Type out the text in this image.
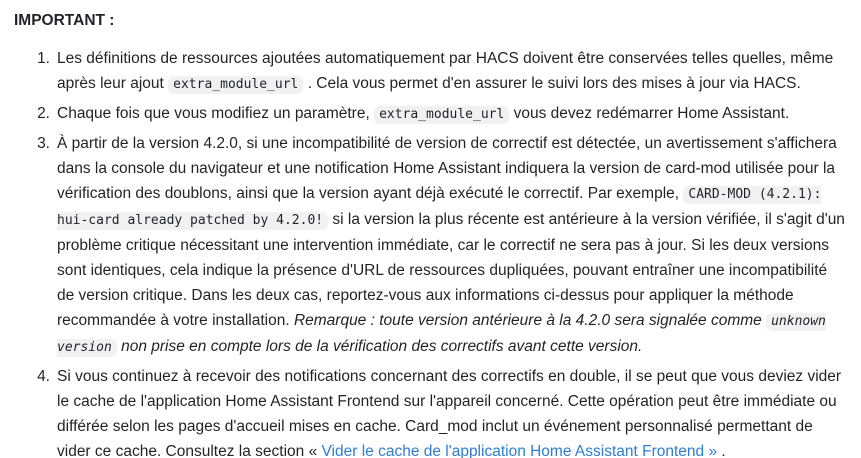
IMPORTANT :

1. Les définitions de ressources ajoutées automatiquement par HACS doivent être conservées telles quelles, même après leur ajout extra_module_url . Cela vous permet d'en assurer le suivi lors des mises à jour via HACS.
2. Chaque fois que vous modifiez un paramètre, extra_module_url vous devez redémarrer Home Assistant.
3. À partir de la version 4.2.0, si une incompatibilité de version de correctif est détectée, un avertissement s'affichera dans la console du navigateur et une notification Home Assistant indiquera la version de card-mod utilisée pour la vérification des doublons, ainsi que la version ayant déjà exécuté le correctif. Par exemple, CARD-MOD (4.2.1): hui-card already patched by 4.2.0! si la version la plus récente est antérieure à la version vérifiée, il s'agit d'un problème critique nécessitant une intervention immédiate, car le correctif ne sera pas à jour. Si les deux versions sont identiques, cela indique la présence d'URL de ressources dupliquées, pouvant entraîner une incompatibilité de version critique. Dans les deux cas, reportez-vous aux informations ci-dessus pour appliquer la méthode recommandée à votre installation. Remarque : toute version antérieure à la 4.2.0 sera signalée comme unknown version non prise en compte lors de la vérification des correctifs avant cette version.
4. Si vous continuez à recevoir des notifications concernant des correctifs en double, il se peut que vous deviez vider le cache de l'application Home Assistant Frontend sur l'appareil concerné. Cette opération peut être immédiate ou différée selon les pages d'accueil mises en cache. Card_mod inclut un événement personnalisé permettant de vider ce cache. Consultez la section « Vider le cache de l'application Home Assistant Frontend » .
